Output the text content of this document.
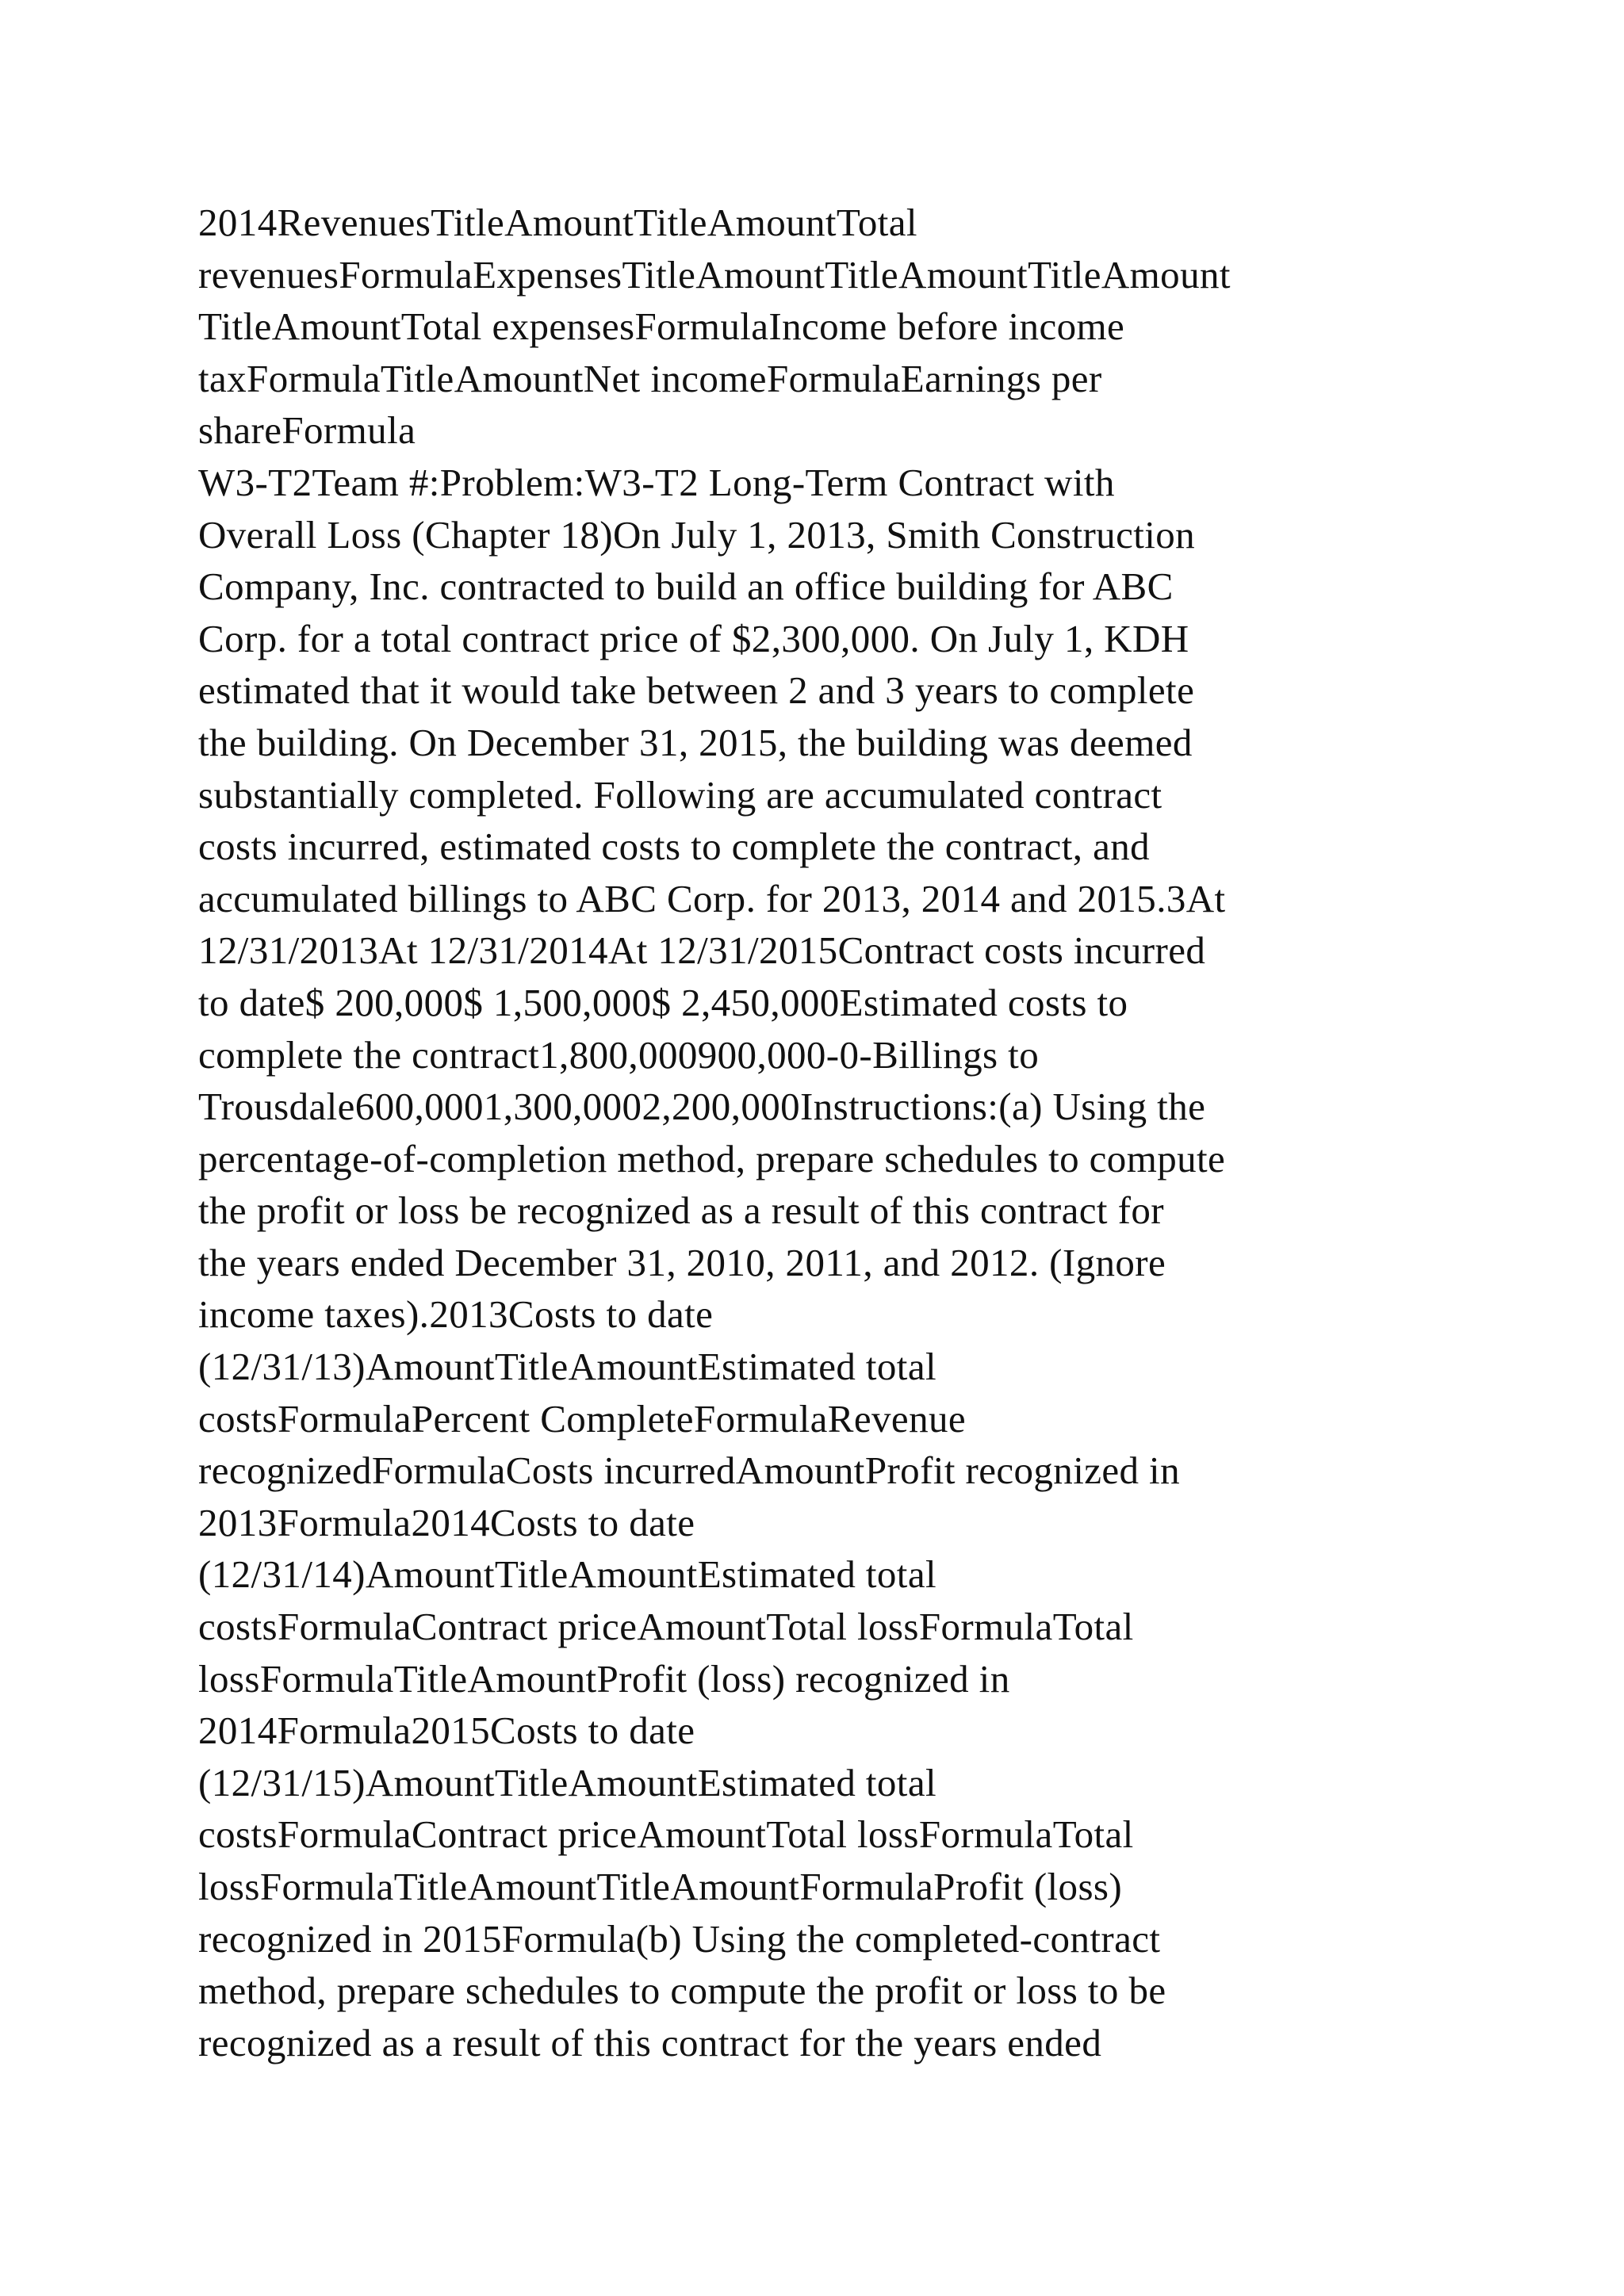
2014RevenuesTitleAmountTitleAmountTotal
revenuesFormulaExpensesTitleAmountTitleAmountTitleAmount
TitleAmountTotal expensesFormulaIncome before income
taxFormulaTitleAmountNet incomeFormulaEarnings per
shareFormula
W3-T2Team #:Problem:W3-T2 Long-Term Contract with
Overall Loss (Chapter 18)On July 1, 2013, Smith Construction
Company, Inc. contracted to build an office building for ABC
Corp. for a total contract price of $2,300,000. On July 1, KDH
estimated that it would take between 2 and 3 years to complete
the building. On December 31, 2015, the building was deemed
substantially completed. Following are accumulated contract
costs incurred, estimated costs to complete the contract, and
accumulated billings to ABC Corp. for 2013, 2014 and 2015.3At
12/31/2013At 12/31/2014At 12/31/2015Contract costs incurred
to date$ 200,000$ 1,500,000$ 2,450,000Estimated costs to
complete the contract1,800,000900,000-0-Billings to
Trousdale600,0001,300,0002,200,000Instructions:(a) Using the
percentage-of-completion method, prepare schedules to compute
the profit or loss be recognized as a result of this contract for
the years ended December 31, 2010, 2011, and 2012. (Ignore
income taxes).2013Costs to date
(12/31/13)AmountTitleAmountEstimated total
costsFormulaPercent CompleteFormulaRevenue
recognizedFormulaCosts incurredAmountProfit recognized in
2013Formula2014Costs to date
(12/31/14)AmountTitleAmountEstimated total
costsFormulaContract priceAmountTotal lossFormulaTotal
lossFormulaTitleAmountProfit (loss) recognized in
2014Formula2015Costs to date
(12/31/15)AmountTitleAmountEstimated total
costsFormulaContract priceAmountTotal lossFormulaTotal
lossFormulaTitleAmountTitleAmountFormulaProfit (loss)
recognized in 2015Formula(b) Using the completed-contract
method, prepare schedules to compute the profit or loss to be
recognized as a result of this contract for the years ended
